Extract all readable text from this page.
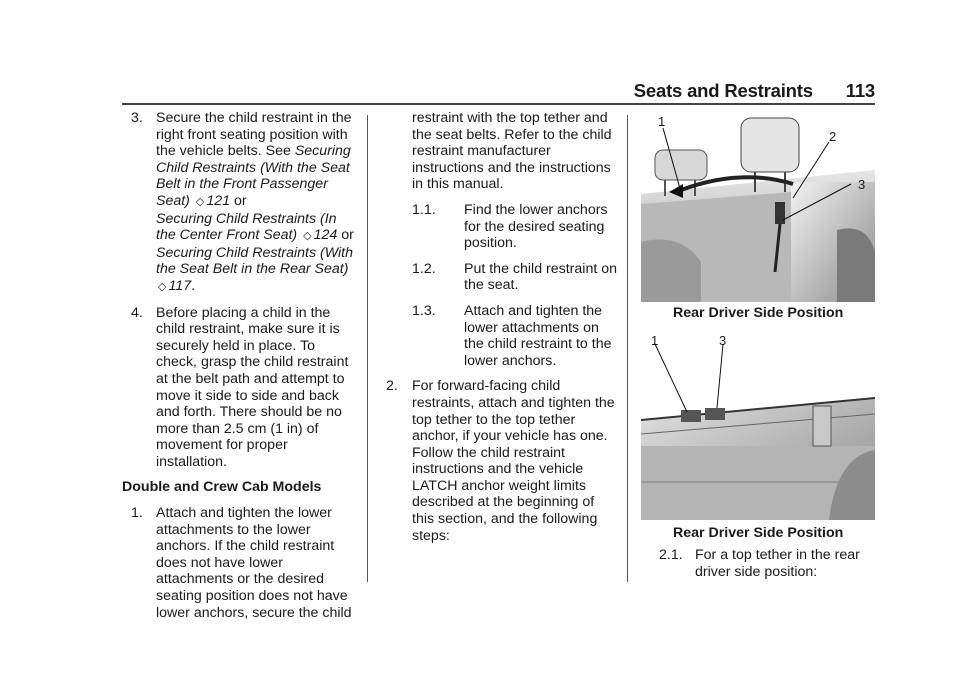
Seats and Restraints 113
3. Secure the child restraint in the right front seating position with the vehicle belts. See Securing Child Restraints (With the Seat Belt in the Front Passenger Seat) ◇ 121 or
Securing Child Restraints (In the Center Front Seat) ◇ 124 or
Securing Child Restraints (With the Seat Belt in the Rear Seat)
◇ 117.
4. Before placing a child in the child restraint, make sure it is securely held in place. To check, grasp the child restraint at the belt path and attempt to move it side to side and back and forth. There should be no more than 2.5 cm (1 in) of movement for proper installation.
Double and Crew Cab Models
1. Attach and tighten the lower attachments to the lower anchors. If the child restraint does not have lower attachments or the desired seating position does not have lower anchors, secure the child

restraint with the top tether and the seat belts. Refer to the child restraint manufacturer instructions and the instructions in this manual.

1.1.	Find the lower anchors for the desired seating position.
1.2.	Put the child restraint on the seat.
1.3.	Attach and tighten the lower attachments on the child restraint to the lower anchors.
2. For forward-facing child restraints, attach and tighten the top tether to the top tether anchor, if your vehicle has one. Follow the child restraint instructions and the vehicle LATCH anchor weight limits described at the beginning of this section, and the following steps:
1
2
3
Rear Driver Side Position
1	3
Rear Driver Side Position
2.1. For a top tether in the rear driver side position:
